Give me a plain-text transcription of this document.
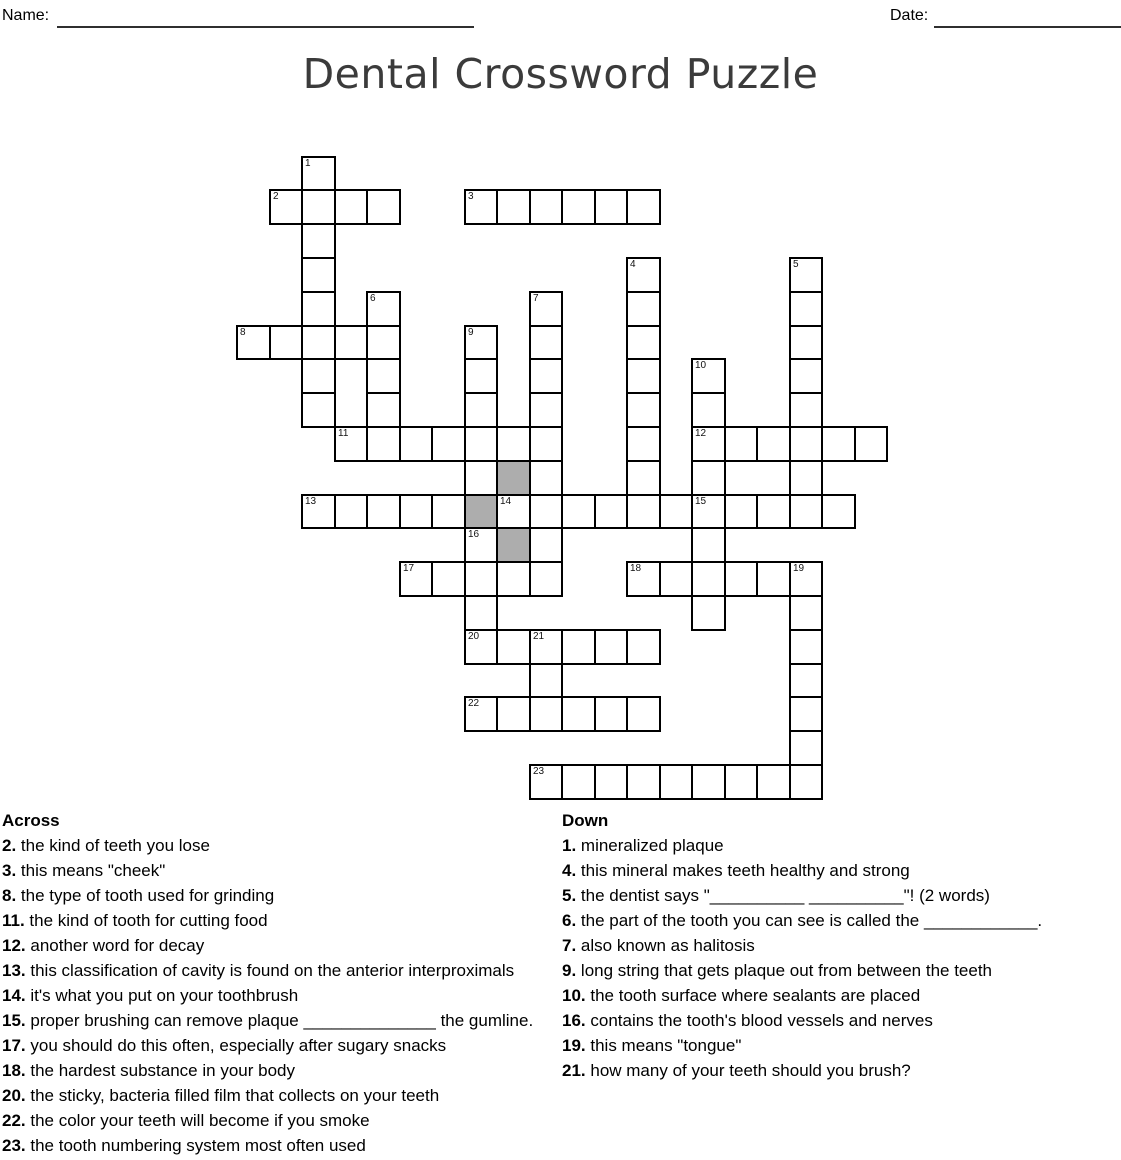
Name:	Date:
Dental Crossword Puzzle
1
2	3
4	5
6	7
8	9
10
11	12
13	14	15
16
17	18	19
20	21
22
23
Across
2. the kind of teeth you lose
3. this means "cheek"
8. the type of tooth used for grinding
11. the kind of tooth for cutting food
12. another word for decay
13. this classification of cavity is found on the anterior interproximals
14. it's what you put on your toothbrush
15. proper brushing can remove plaque ______________ the gumline.
17. you should do this often, especially after sugary snacks
18. the hardest substance in your body
20. the sticky, bacteria filled film that collects on your teeth
22. the color your teeth will become if you smoke
23. the tooth numbering system most often used
Down
1. mineralized plaque
4. this mineral makes teeth healthy and strong
5. the dentist says "__________ __________"! (2 words)
6. the part of the tooth you can see is called the ____________.
7. also known as halitosis
9. long string that gets plaque out from between the teeth
10. the tooth surface where sealants are placed
16. contains the tooth's blood vessels and nerves
19. this means "tongue"
21. how many of your teeth should you brush?
